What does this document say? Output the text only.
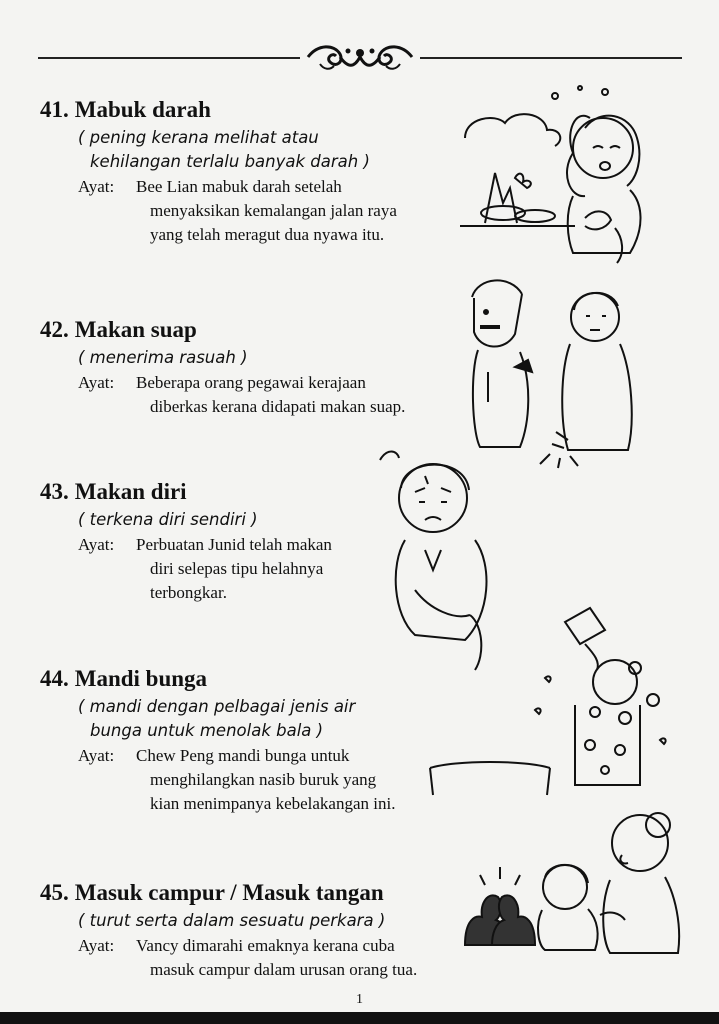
41. Mabuk darah
( pening kerana melihat atau
kehilangan terlalu banyak darah )
Ayat:	Bee Lian mabuk darah setelah
menyaksikan kemalangan jalan raya
yang telah meragut dua nyawa itu.
42. Makan suap
( menerima rasuah )
Ayat:	Beberapa orang pegawai kerajaan
diberkas kerana didapati makan suap.
43. Makan diri
( terkena diri sendiri )
Ayat:	Perbuatan Junid telah makan
diri selepas tipu helahnya
terbongkar.
44. Mandi bunga
( mandi dengan pelbagai jenis air
bunga untuk menolak bala )
Ayat:	Chew Peng mandi bunga untuk
menghilangkan nasib buruk yang
kian menimpanya kebelakangan ini.
45. Masuk campur / Masuk tangan
( turut serta dalam sesuatu perkara )
Ayat:	Vancy dimarahi emaknya kerana cuba
masuk campur dalam urusan orang tua.
1
